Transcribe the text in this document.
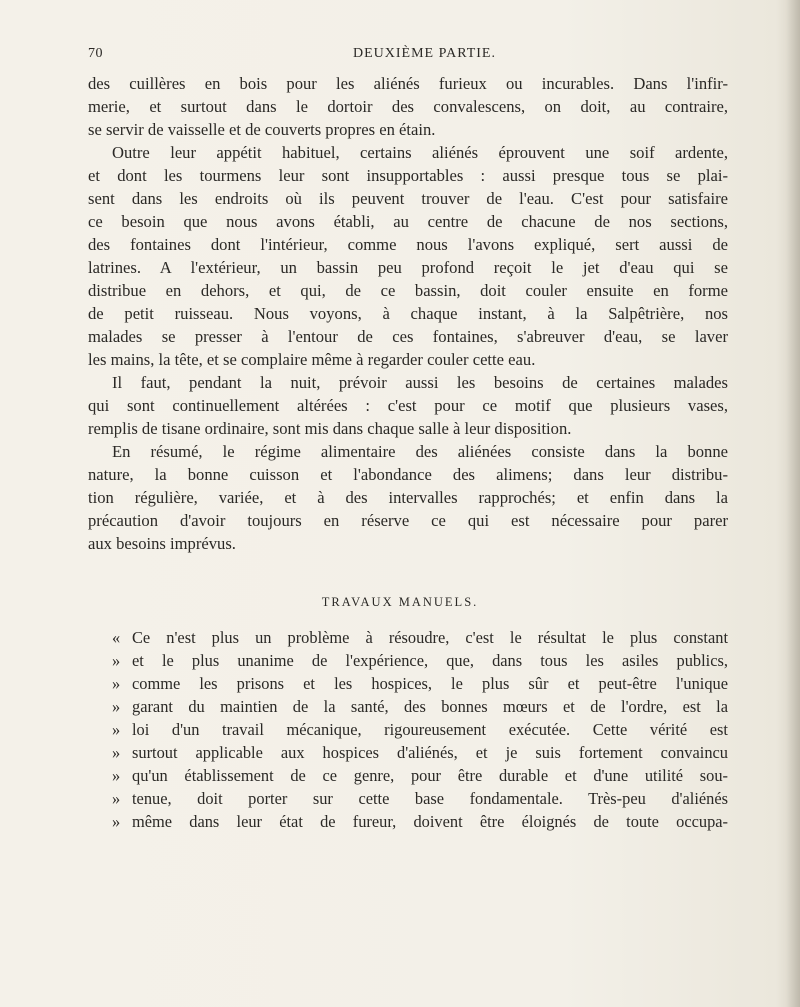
70	DEUXIÈME PARTIE.
des cuillères en bois pour les aliénés furieux ou incurables. Dans l'infir-
merie, et surtout dans le dortoir des convalescens, on doit, au contraire,
se servir de vaisselle et de couverts propres en étain.
Outre leur appétit habituel, certains aliénés éprouvent une soif ardente,
et dont les tourmens leur sont insupportables : aussi presque tous se plai-
sent dans les endroits où ils peuvent trouver de l'eau. C'est pour satisfaire
ce besoin que nous avons établi, au centre de chacune de nos sections,
des fontaines dont l'intérieur, comme nous l'avons expliqué, sert aussi de
latrines. A l'extérieur, un bassin peu profond reçoit le jet d'eau qui se
distribue en dehors, et qui, de ce bassin, doit couler ensuite en forme
de petit ruisseau. Nous voyons, à chaque instant, à la Salpêtrière, nos
malades se presser à l'entour de ces fontaines, s'abreuver d'eau, se laver
les mains, la tête, et se complaire même à regarder couler cette eau.
Il faut, pendant la nuit, prévoir aussi les besoins de certaines malades
qui sont continuellement altérées : c'est pour ce motif que plusieurs vases,
remplis de tisane ordinaire, sont mis dans chaque salle à leur disposition.
En résumé, le régime alimentaire des aliénées consiste dans la bonne
nature, la bonne cuisson et l'abondance des alimens; dans leur distribu-
tion régulière, variée, et à des intervalles rapprochés; et enfin dans la
précaution d'avoir toujours en réserve ce qui est nécessaire pour parer
aux besoins imprévus.
TRAVAUX MANUELS.
« Ce n'est plus un problème à résoudre, c'est le résultat le plus constant
» et le plus unanime de l'expérience, que, dans tous les asiles publics,
» comme les prisons et les hospices, le plus sûr et peut-être l'unique
» garant du maintien de la santé, des bonnes mœurs et de l'ordre, est la
» loi d'un travail mécanique, rigoureusement exécutée. Cette vérité est
» surtout applicable aux hospices d'aliénés, et je suis fortement convaincu
» qu'un établissement de ce genre, pour être durable et d'une utilité sou-
» tenue, doit porter sur cette base fondamentale. Très-peu d'aliénés
» même dans leur état de fureur, doivent être éloignés de toute occupa-
